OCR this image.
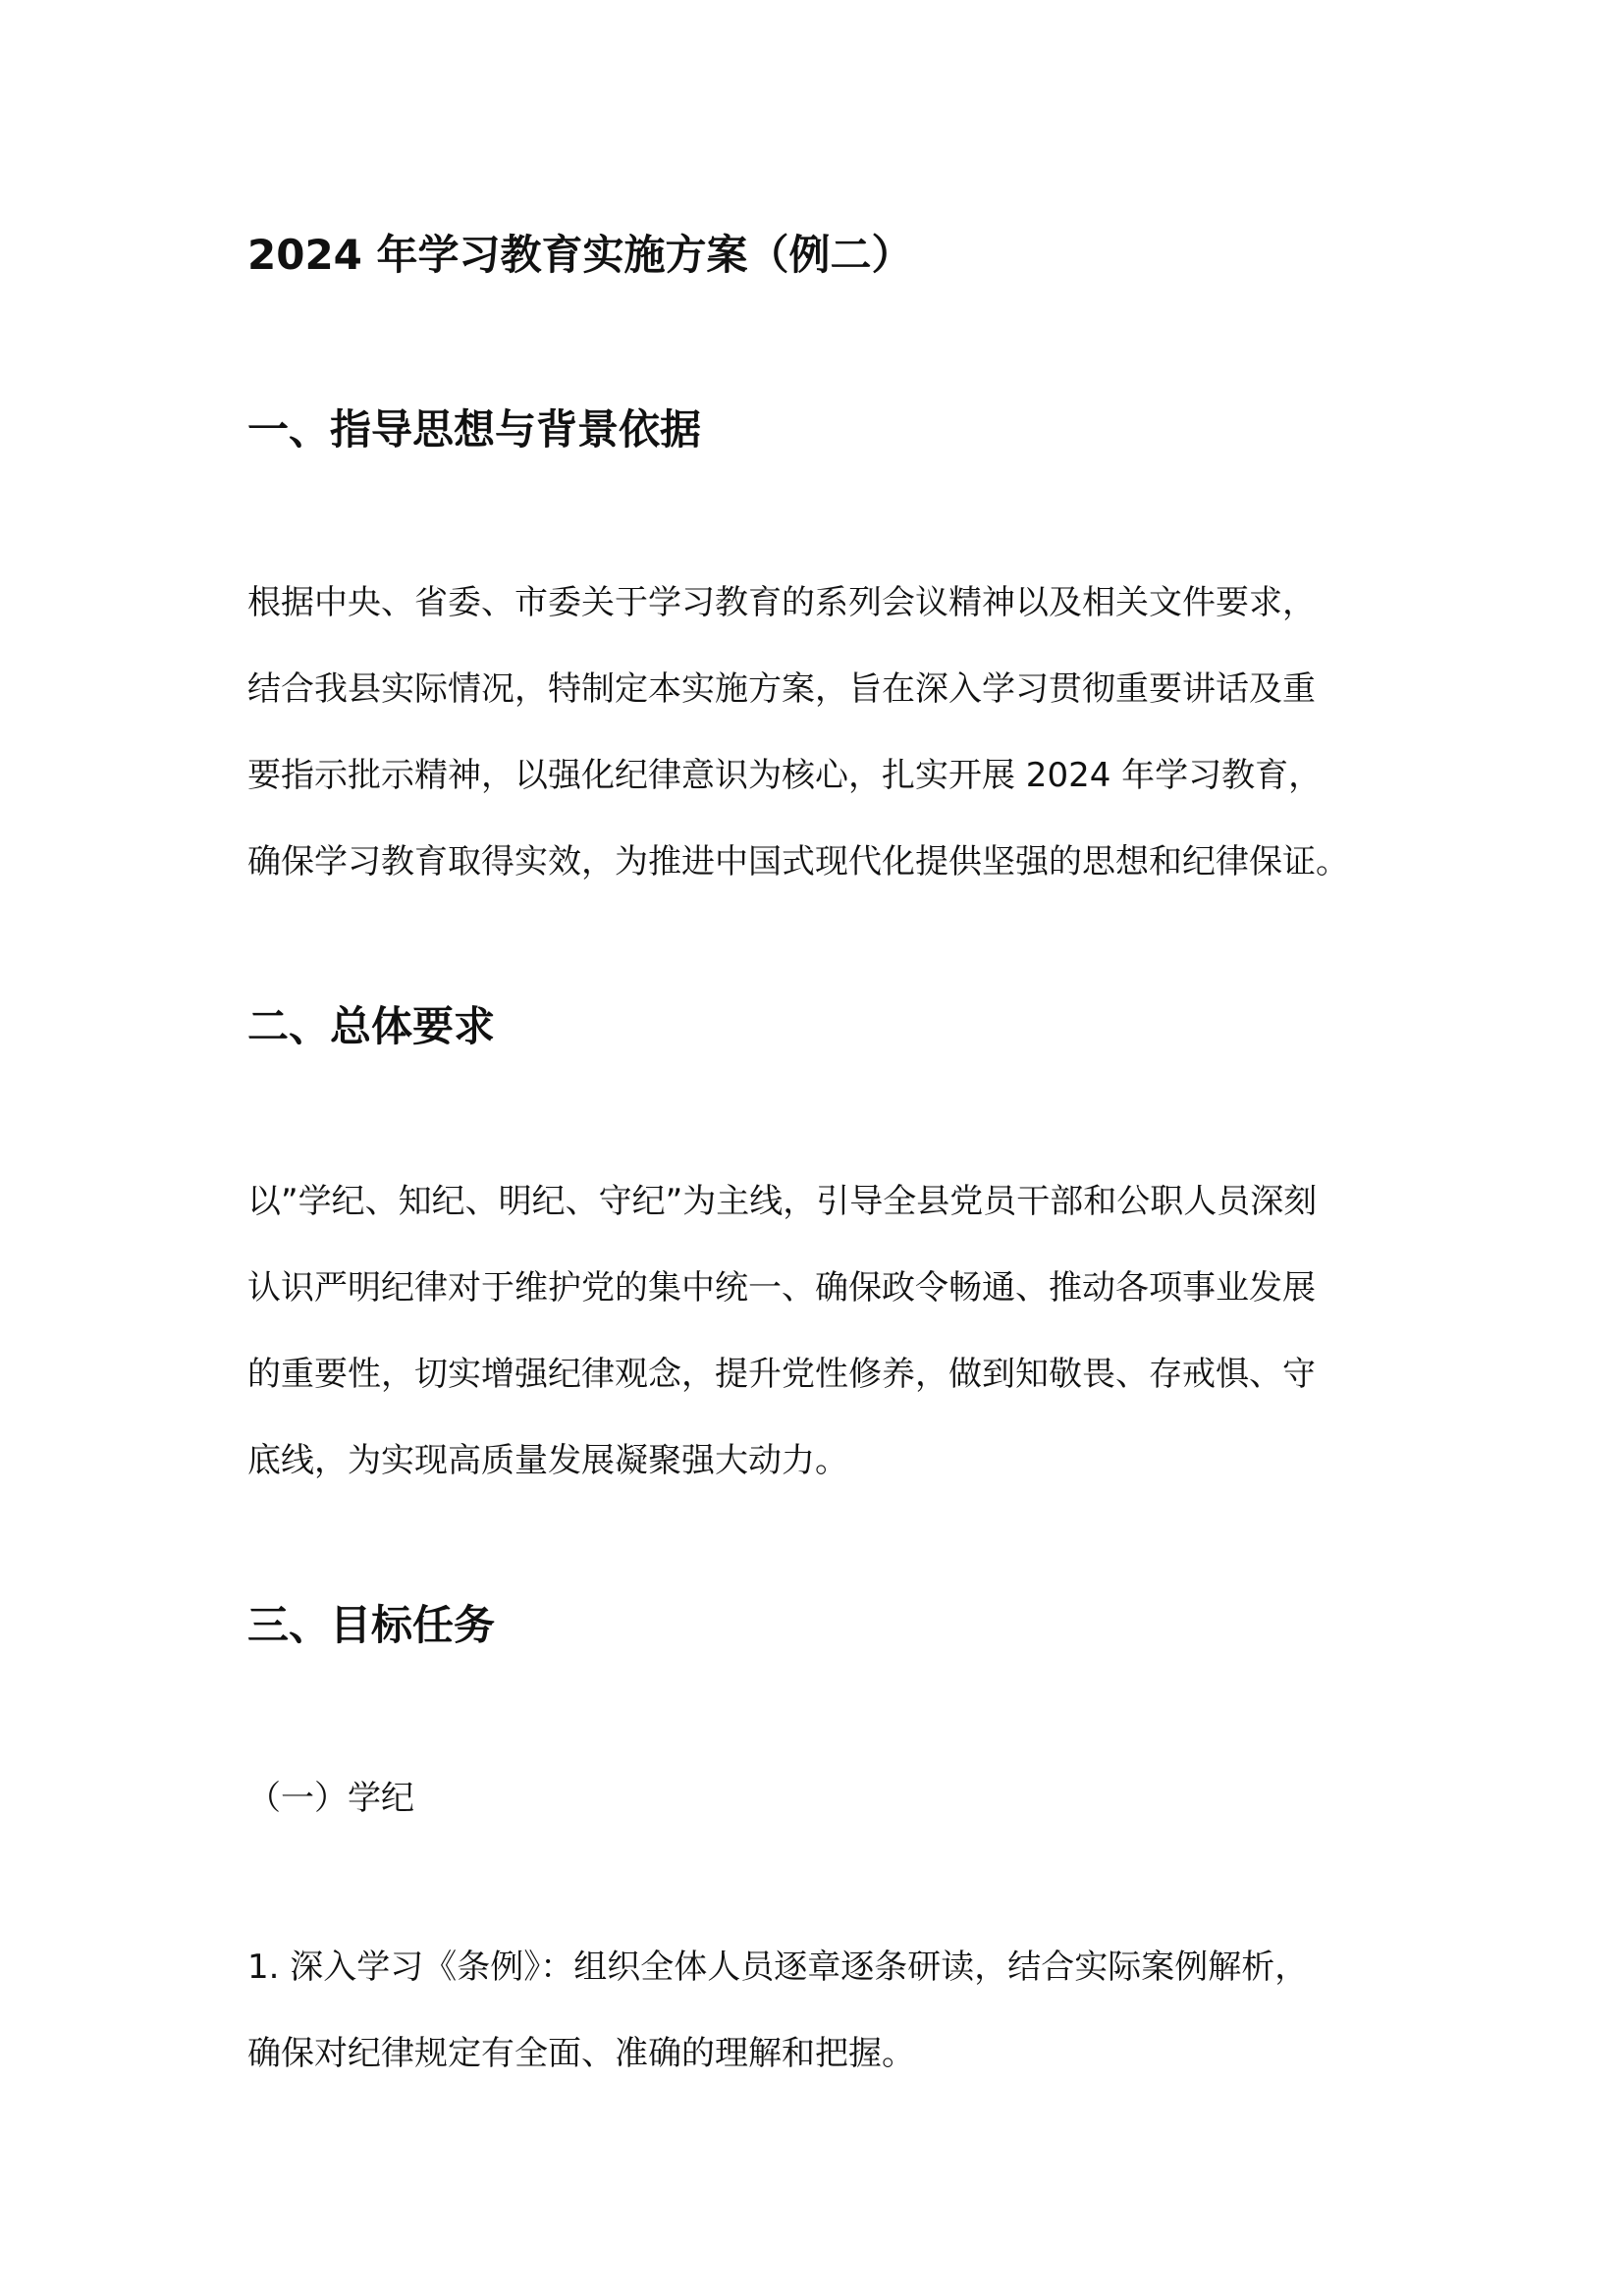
2024 年学习教育实施方案（例二）
一、指导思想与背景依据

根据中央、省委、市委关于学习教育的系列会议精神以及相关文件要求，
结合我县实际情况，特制定本实施方案，旨在深入学习贯彻重要讲话及重
要指示批示精神，以强化纪律意识为核心，扎实开展 2024 年学习教育，
确保学习教育取得实效，为推进中国式现代化提供坚强的思想和纪律保证。

二、总体要求

以”学纪、知纪、明纪、守纪”为主线，引导全县党员干部和公职人员深刻
认识严明纪律对于维护党的集中统一、确保政令畅通、推动各项事业发展
的重要性，切实增强纪律观念，提升党性修养，做到知敬畏、存戒惧、守
底线，为实现高质量发展凝聚强大动力。

三、目标任务

（一）学纪

1. 深入学习《条例》：组织全体人员逐章逐条研读，结合实际案例解析，
确保对纪律规定有全面、准确的理解和把握。
